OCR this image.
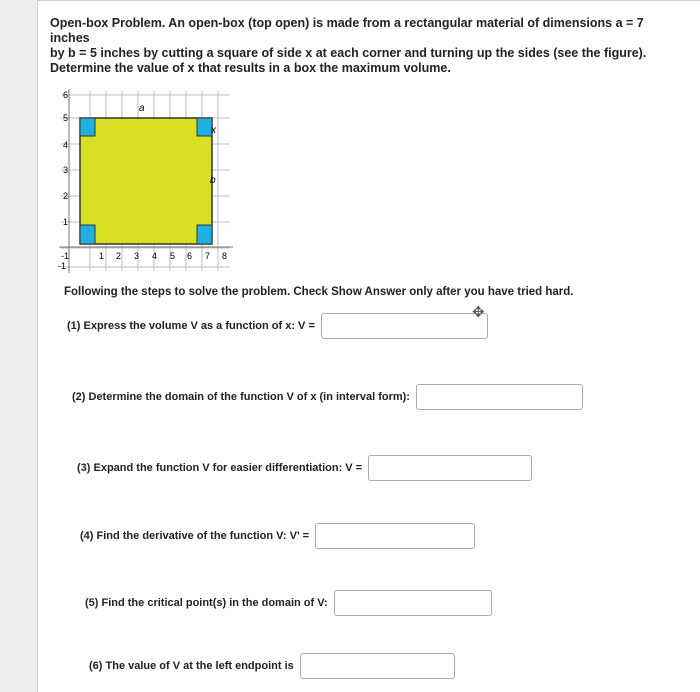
Open-box Problem. An open-box (top open) is made from a rectangular material of dimensions a = 7 inches
by b = 5 inches by cutting a square of side x at each corner and turning up the sides (see the figure).
Determine the value of x that results in a box the maximum volume.
a
x
b
-1	1 2 3 4 5 6 7 8
6
5
4
3
2
1
-1
Following the steps to solve the problem. Check Show Answer only after you have tried hard.
(1) Express the volume V as a function of x: V =
(2) Determine the domain of the function V of x (in interval form):
(3) Expand the function V for easier differentiation: V =
(4) Find the derivative of the function V: V' =
(5) Find the critical point(s) in the domain of V:
(6) The value of V at the left endpoint is
✥
